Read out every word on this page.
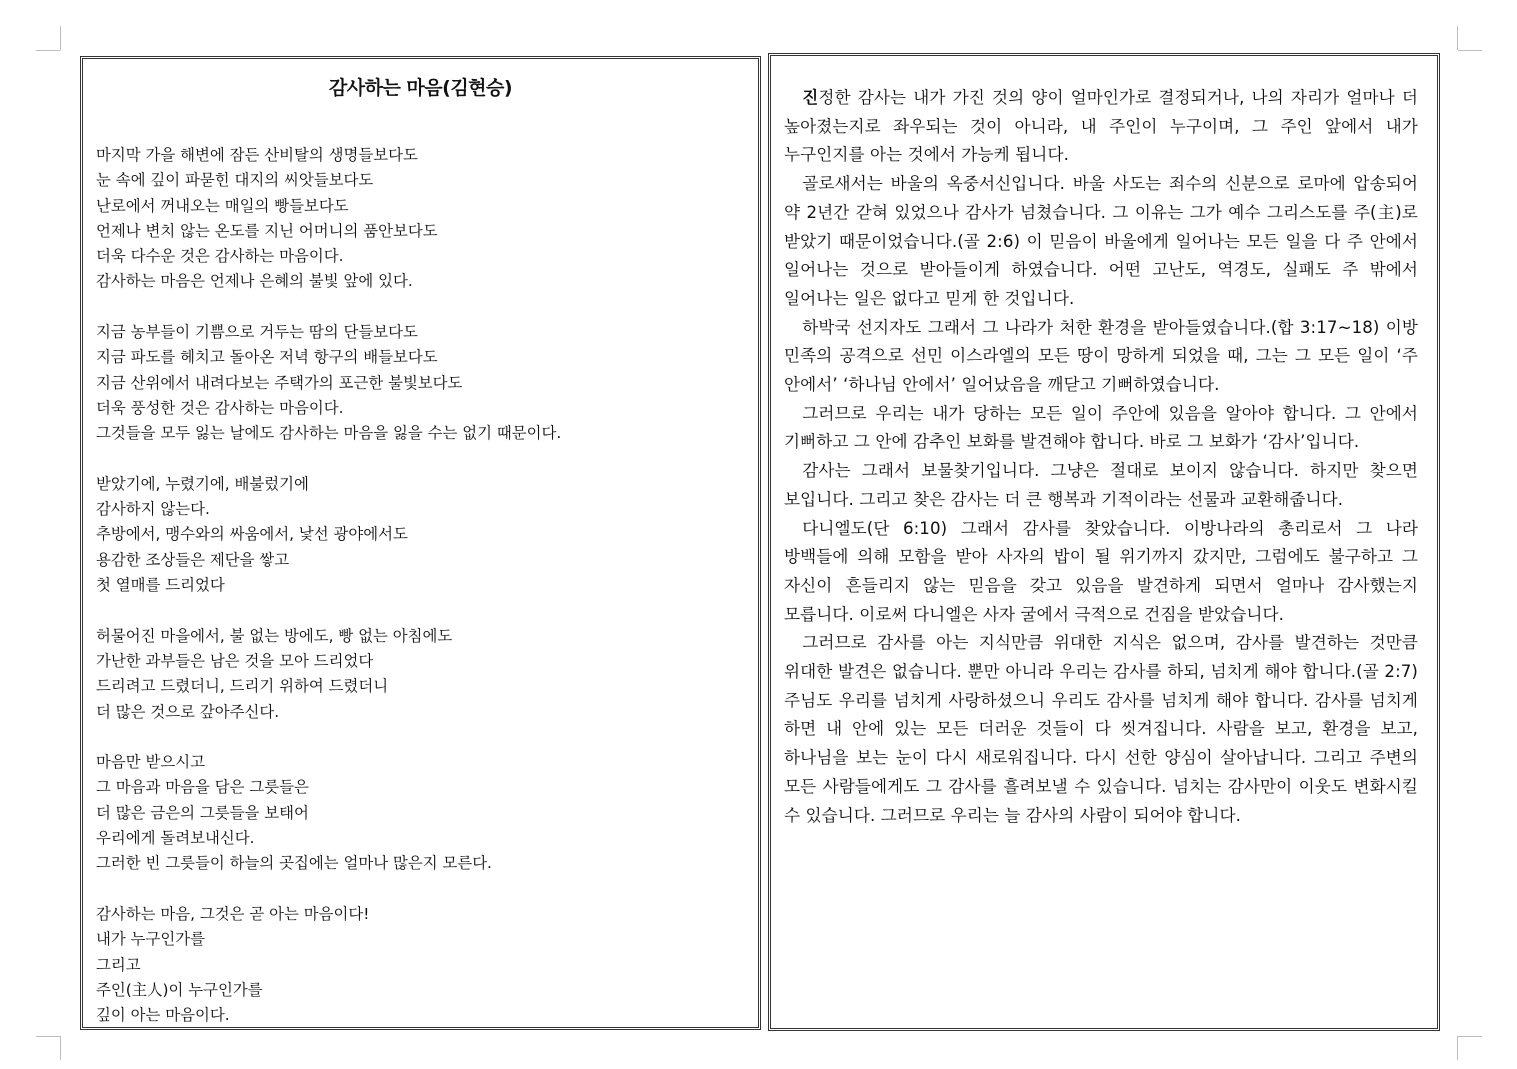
감사하는 마음(김현승)
마지막 가을 해변에 잠든 산비탈의 생명들보다도
눈 속에 깊이 파묻힌 대지의 씨앗들보다도
난로에서 꺼내오는 매일의 빵들보다도
언제나 변치 않는 온도를 지닌 어머니의 품안보다도
더욱 다수운 것은 감사하는 마음이다.
감사하는 마음은 언제나 은혜의 불빛 앞에 있다.
지금 농부들이 기쁨으로 거두는 땀의 단들보다도
지금 파도를 헤치고 돌아온 저녁 항구의 배들보다도
지금 산위에서 내려다보는 주택가의 포근한 불빛보다도
더욱 풍성한 것은 감사하는 마음이다.
그것들을 모두 잃는 날에도 감사하는 마음을 잃을 수는 없기 때문이다.
받았기에, 누렸기에, 배불렀기에
감사하지 않는다.
추방에서, 맹수와의 싸움에서, 낯선 광야에서도
용감한 조상들은 제단을 쌓고
첫 열매를 드리었다
허물어진 마을에서, 불 없는 방에도, 빵 없는 아침에도
가난한 과부들은 남은 것을 모아 드리었다
드리려고 드렸더니, 드리기 위하여 드렸더니
더 많은 것으로 갚아주신다.
마음만 받으시고
그 마음과 마음을 담은 그릇들은
더 많은 금은의 그릇들을 보태어
우리에게 돌려보내신다.
그러한 빈 그릇들이 하늘의 곳집에는 얼마나 많은지 모른다.
감사하는 마음, 그것은 곧 아는 마음이다!
내가 누구인가를
그리고
주인(主人)이 누구인가를
깊이 아는 마음이다.

진정한 감사는 내가 가진 것의 양이 얼마인가로 결정되거나, 나의 자리가 얼마나 더 높아졌는지로 좌우되는 것이 아니라, 내 주인이 누구이며, 그 주인 앞에서 내가 누구인지를 아는 것에서 가능케 됩니다.

골로새서는 바울의 옥중서신입니다. 바울 사도는 죄수의 신분으로 로마에 압송되어 약 2년간 갇혀 있었으나 감사가 넘쳤습니다. 그 이유는 그가 예수 그리스도를 주(主)로 받았기 때문이었습니다.(골 2:6) 이 믿음이 바울에게 일어나는 모든 일을 다 주 안에서 일어나는 것으로 받아들이게 하였습니다. 어떤 고난도, 역경도, 실패도 주 밖에서 일어나는 일은 없다고 믿게 한 것입니다.

하박국 선지자도 그래서 그 나라가 처한 환경을 받아들였습니다.(합 3:17~18) 이방 민족의 공격으로 선민 이스라엘의 모든 땅이 망하게 되었을 때, 그는 그 모든 일이 ‘주 안에서’ ‘하나님 안에서’ 일어났음을 깨닫고 기뻐하였습니다.

그러므로 우리는 내가 당하는 모든 일이 주안에 있음을 알아야 합니다. 그 안에서 기뻐하고 그 안에 감추인 보화를 발견해야 합니다. 바로 그 보화가 ‘감사’입니다.

감사는 그래서 보물찾기입니다. 그냥은 절대로 보이지 않습니다. 하지만 찾으면 보입니다. 그리고 찾은 감사는 더 큰 행복과 기적이라는 선물과 교환해줍니다.

다니엘도(단 6:10) 그래서 감사를 찾았습니다. 이방나라의 총리로서 그 나라 방백들에 의해 모함을 받아 사자의 밥이 될 위기까지 갔지만, 그럼에도 불구하고 그 자신이 흔들리지 않는 믿음을 갖고 있음을 발견하게 되면서 얼마나 감사했는지 모릅니다. 이로써 다니엘은 사자 굴에서 극적으로 건짐을 받았습니다.

그러므로 감사를 아는 지식만큼 위대한 지식은 없으며, 감사를 발견하는 것만큼 위대한 발견은 없습니다. 뿐만 아니라 우리는 감사를 하되, 넘치게 해야 합니다.(골 2:7) 주님도 우리를 넘치게 사랑하셨으니 우리도 감사를 넘치게 해야 합니다. 감사를 넘치게 하면 내 안에 있는 모든 더러운 것들이 다 씻겨집니다. 사람을 보고, 환경을 보고, 하나님을 보는 눈이 다시 새로워집니다. 다시 선한 양심이 살아납니다. 그리고 주변의 모든 사람들에게도 그 감사를 흘려보낼 수 있습니다. 넘치는 감사만이 이웃도 변화시킬 수 있습니다. 그러므로 우리는 늘 감사의 사람이 되어야 합니다.
